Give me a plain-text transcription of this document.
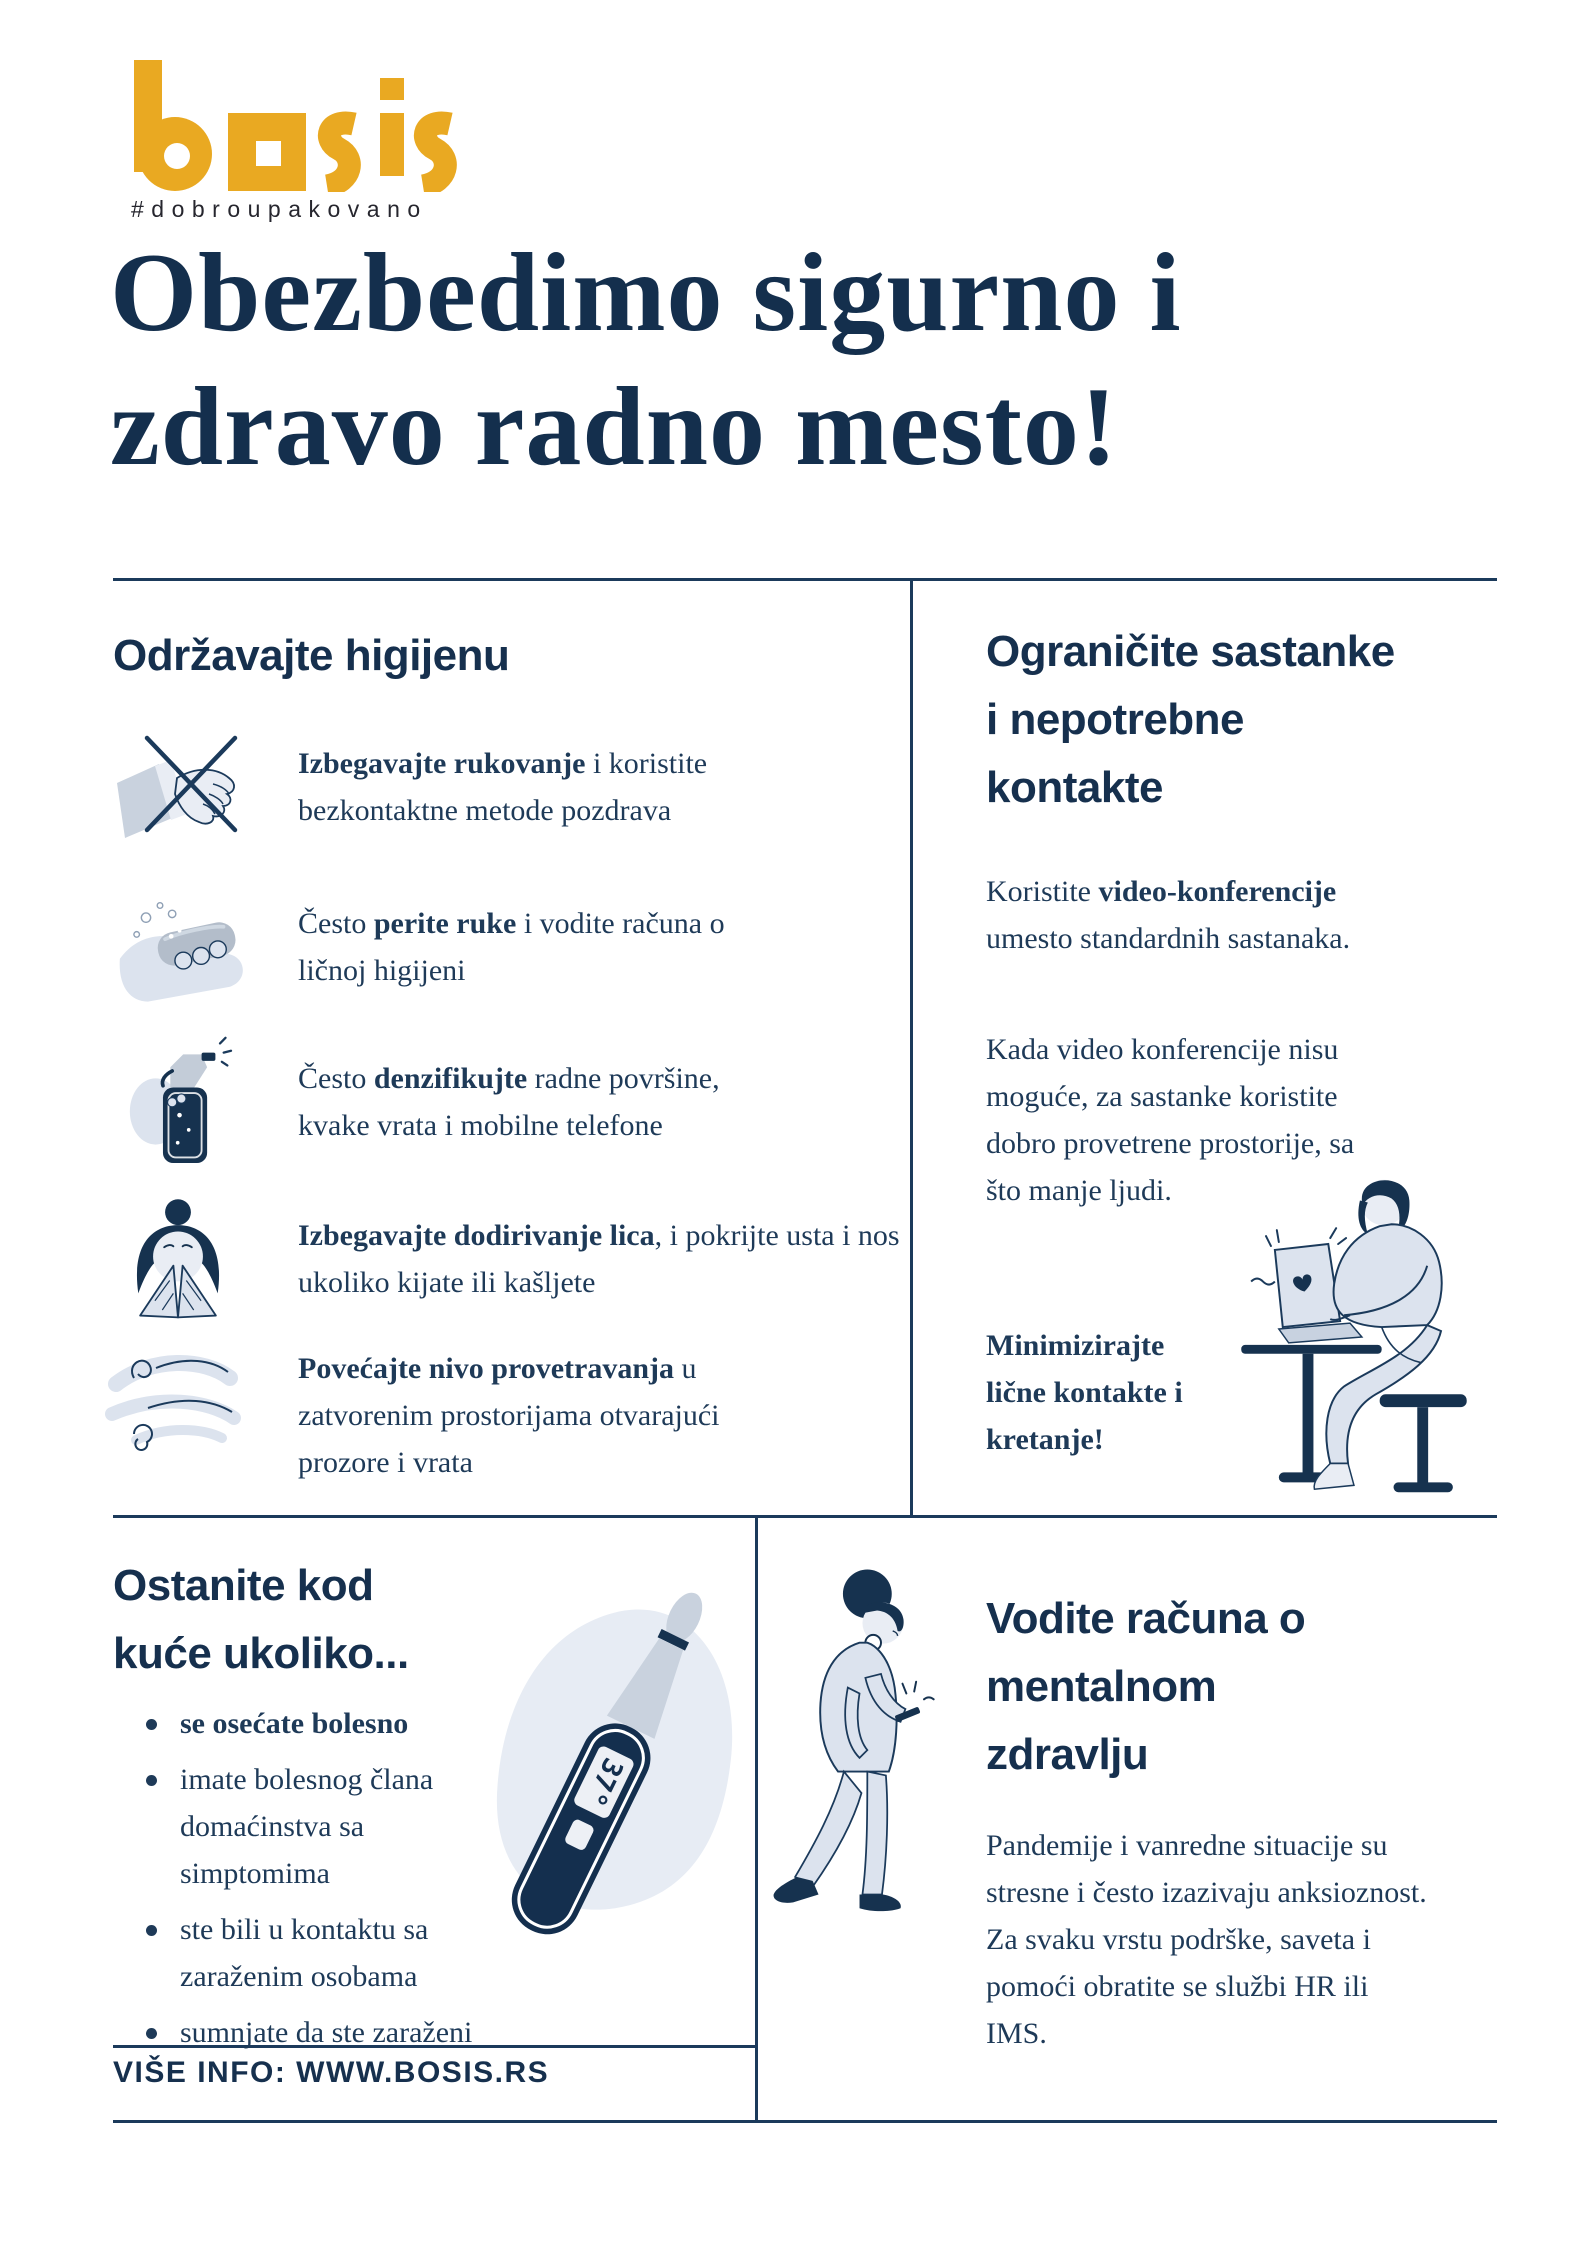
#dobroupakovano
Obezbedimo sigurno i
zdravo radno mesto!
Održavajte higijenu
Izbegavajte rukovanje i koristite bezkontaktne metode pozdrava
Često perite ruke i vodite računa o ličnoj higijeni
Često denzifikujte radne površine, kvake vrata i mobilne telefone
Izbegavajte dodirivanje lica, i pokrijte usta i nos ukoliko kijate ili kašljete
Povećajte nivo provetravanja u zatvorenim prostorijama otvarajući prozore i vrata
Ograničite sastanke
i nepotrebne
kontakte
Koristite video-konferencije umesto standardnih sastanaka.
Kada video konferencije nisu moguće, za sastanke koristite dobro provetrene prostorije, sa što manje ljudi.
Minimizirajte lične kontakte i kretanje!
Ostanite kod
kuće ukoliko...
se osećate bolesno
imate bolesnog člana domaćinstva sa simptomima
ste bili u kontaktu sa zaraženim osobama
sumnjate da ste zaraženi
37°
Vodite računa o
mentalnom
zdravlju
Pandemije i vanredne situacije su stresne i često izazivaju anksioznost. Za svaku vrstu podrške, saveta i pomoći obratite se službi HR ili IMS.
VIŠE INFO: WWW.BOSIS.RS
